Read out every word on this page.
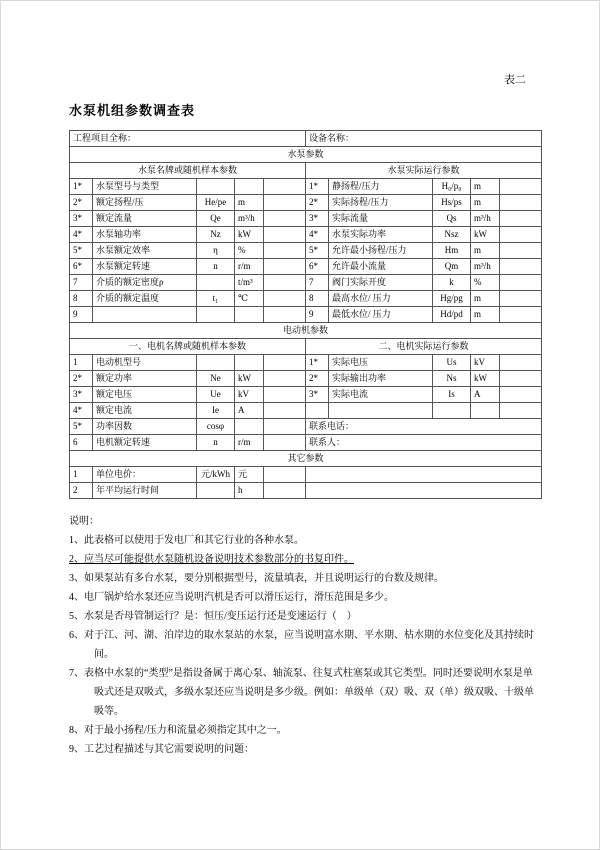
表二
水泵机组参数调查表
工程项目全称：					设备名称：				
水泵参数									
水泵名牌或随机样本参数					水泵实际运行参数				
1*	水泵型号与类型				1*	静扬程/压力	H₀/p₀	m	
2*	额定扬程/压	He/pe	m		2*	实际扬程/压力	Hs/ps	m	
3*	额定流量	Qe	m³/h		3*	实际流量	Qs	m³/h	
4*	水泵轴功率	Nz	kW		4*	水泵实际功率	Nsz	kW	
5*	水泵额定效率	η	%		5*	允许最小扬程/压力	Hm	m	
6*	水泵额定转速	n	r/m		6*	允许最小流量	Qm	m³/h	
7	介质的额定密度ρ		t/m³		7	阀门实际开度	k	%	
8	介质的额定温度	t₁	℃		8	最高水位/ 压力	Hg/pg	m	
9					9	最低水位/ 压力	Hd/pd	m	
电动机参数									
一、电机名牌或随机样本参数					二、电机实际运行参数				
1	电动机型号				1*	实际电压	Us	kV	
2*	额定功率	Ne	kW		2*	实际输出功率	Ns	kW	
3*	额定电压	Ue	kV		3*	实际电流	Is	A	
4*	额定电流	Ie	A						
5*	功率因数	cosφ			联系电话：				
6	电机额定转速	n	r/m		联系人：				
其它参数									
1	单位电价：	元/kWh	元						
2	年平均运行时间		h						
说明：
1、此表格可以使用于发电厂和其它行业的各种水泵。
2、应当尽可能提供水泵随机设备说明技术参数部分的书复印件。
3、如果泵站有多台水泵，要分别根据型号，流量填表，并且说明运行的台数及规律。
4、电厂锅炉给水泵还应当说明汽机是否可以滑压运行，滑压范围是多少。
5、水泵是否母管制运行？是：恒压/变压运行还是变速运行（　）
6、对于江、河、湖、泊岸边的取水泵站的水泵，应当说明富水期、平水期、枯水期的水位变化及其持续时间。
7、表格中水泵的“类型”是指设备属于离心泵、轴流泵、往复式柱塞泵或其它类型。同时还要说明水泵是单吸式还是双吸式，多级水泵还应当说明是多少级。例如：单级单（双）吸、双（单）级双吸、十级单吸等。
8、对于最小扬程/压力和流量必须指定其中之一。
9、工艺过程描述与其它需要说明的问题：
